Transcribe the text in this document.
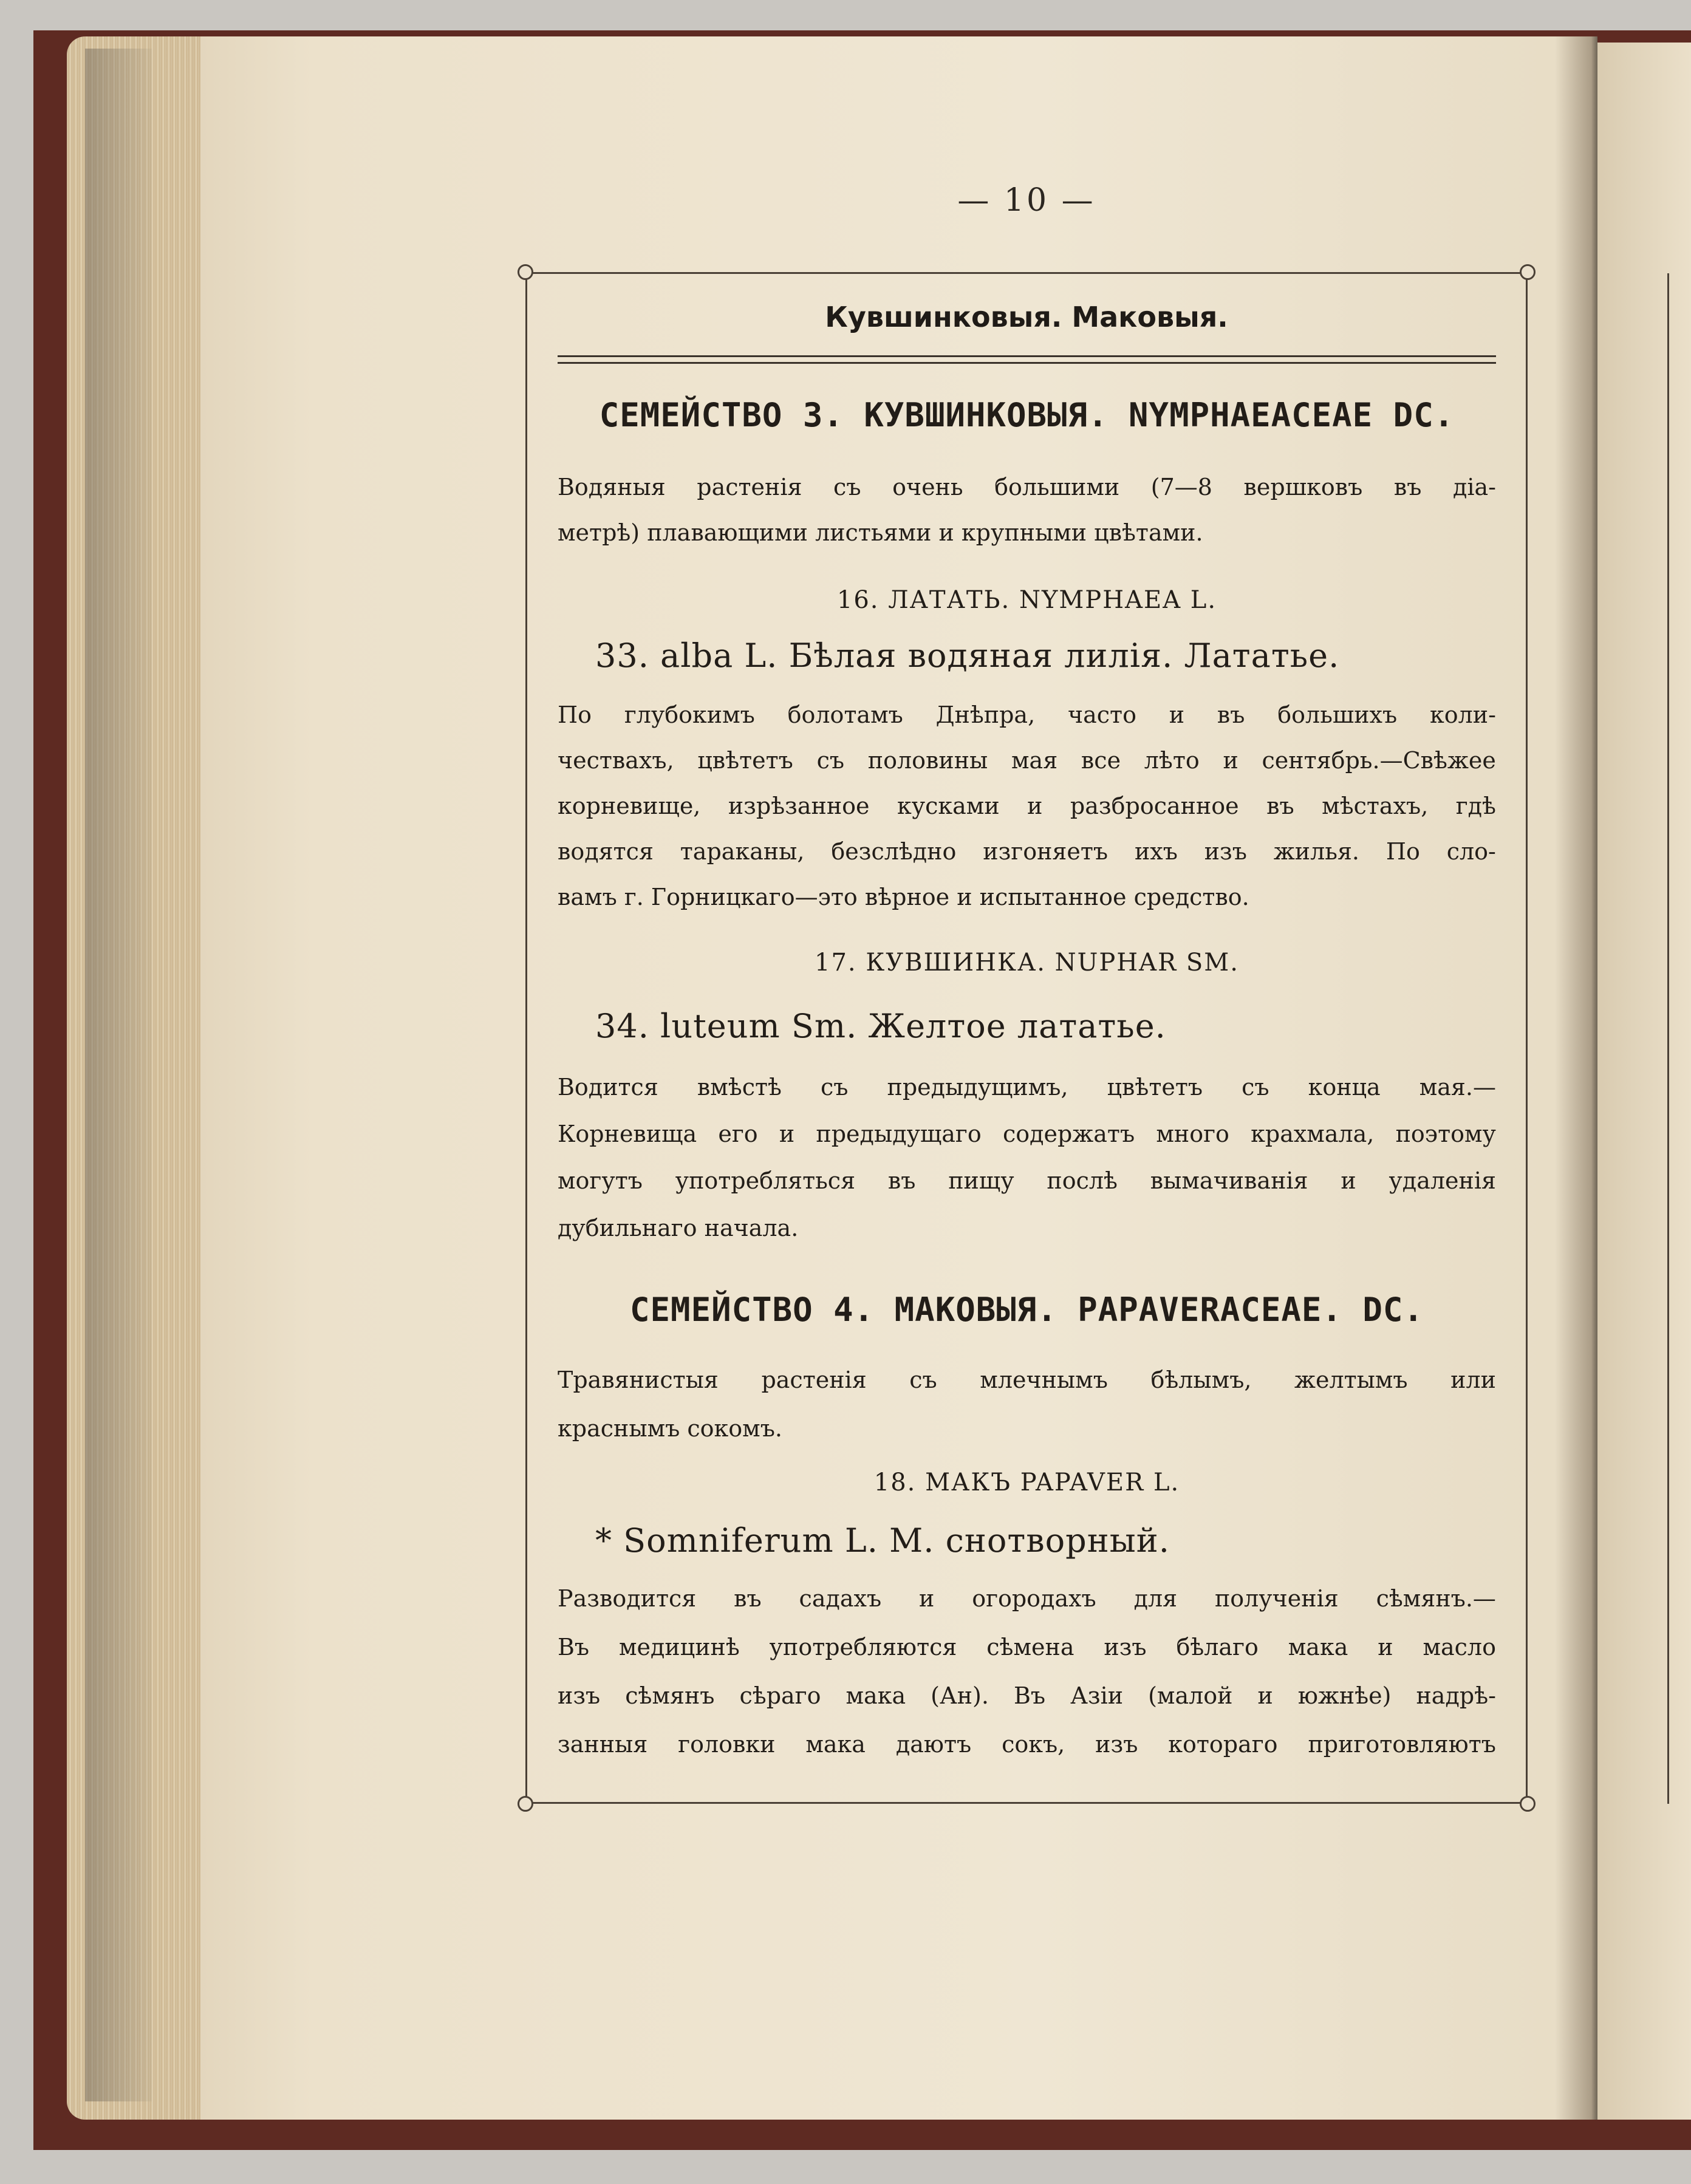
— 10 —
Кувшинковыя. Маковыя.
СЕМЕЙСТВО 3. КУВШИНКОВЫЯ. NYMPHAEACEAE DC.
Водяныя растенія съ очень большими (7—8 вершковъ въ діа-
метрѣ) плавающими листьями и крупными цвѣтами.
16. ЛАТАТЬ. NYMPHAEA L.
33. alba L. Бѣлая водяная лилія. Лататье.
По глубокимъ болотамъ Днѣпра, часто и въ большихъ коли-
чествахъ, цвѣтетъ съ половины мая все лѣто и сентябрь.—Свѣжее
корневище, изрѣзанное кусками и разбросанное въ мѣстахъ, гдѣ
водятся тараканы, безслѣдно изгоняетъ ихъ изъ жилья. По сло-
вамъ г. Горницкаго—это вѣрное и испытанное средство.
17. КУВШИНКА. NUPHAR SM.
34. luteum Sm. Желтое лататье.
Водится вмѣстѣ съ предыдущимъ, цвѣтетъ съ конца мая.—
Корневища его и предыдущаго содержатъ много крахмала, поэтому
могутъ употребляться въ пищу послѣ вымачиванія и удаленія
дубильнаго начала.
СЕМЕЙСТВО 4. МАКОВЫЯ. PAPAVERACEAE. DC.
Травянистыя растенія съ млечнымъ бѣлымъ, желтымъ или
краснымъ сокомъ.
18. МАКЪ PAPAVER L.
* Somniferum L. M. снотворный.
Разводится въ садахъ и огородахъ для полученія сѣмянъ.—
Въ медицинѣ употребляются сѣмена изъ бѣлаго мака и масло
изъ сѣмянъ сѣраго мака (Ан). Въ Азіи (малой и южнѣе) надрѣ-
занныя головки мака даютъ сокъ, изъ котораго приготовляютъ
